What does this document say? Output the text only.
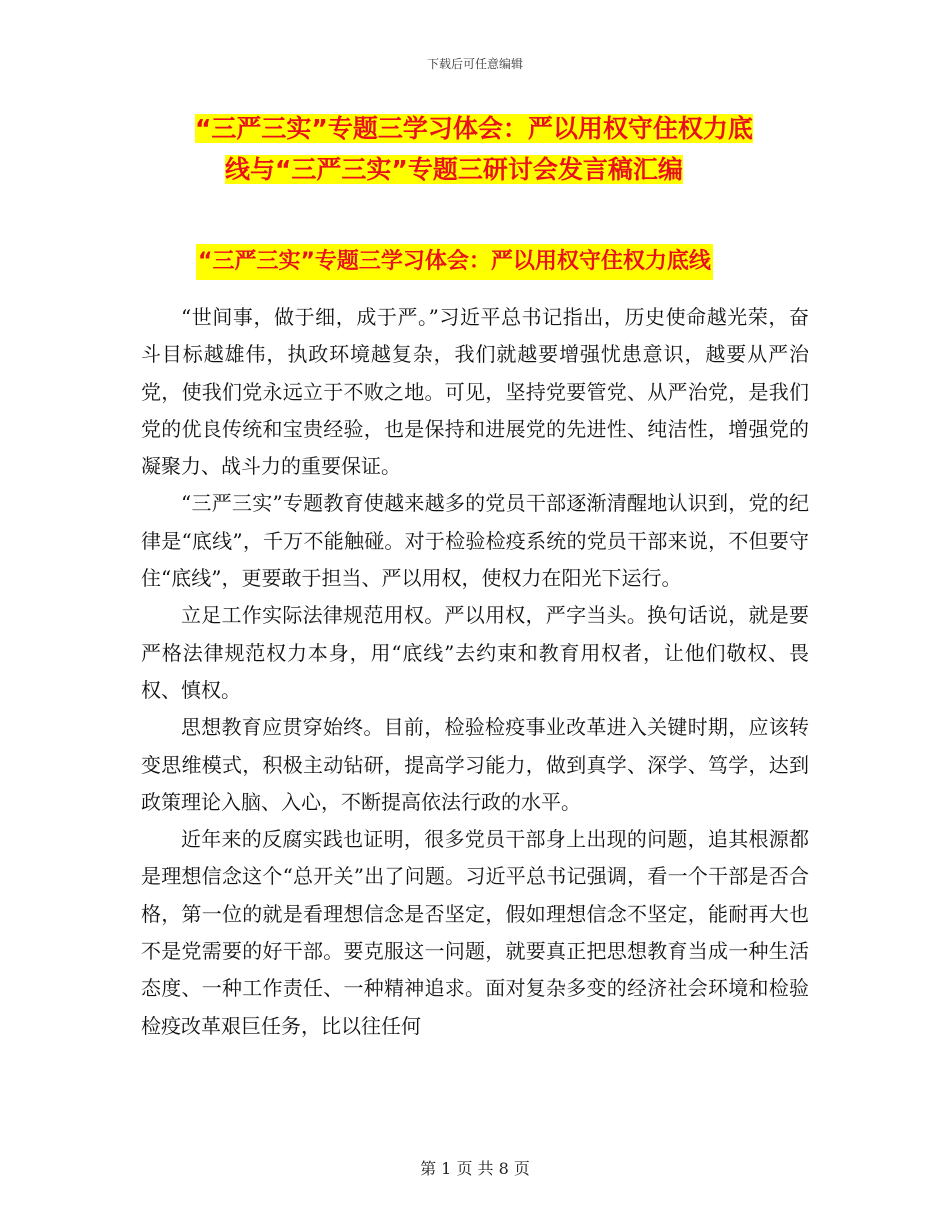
下载后可任意编辑
“三严三实”专题三学习体会：严以用权守住权力底
线与“三严三实”专题三研讨会发言稿汇编
“三严三实”专题三学习体会：严以用权守住权力底线

“世间事，做于细，成于严。”习近平总书记指出，历史使命越光荣，奋斗目标越雄伟，执政环境越复杂，我们就越要增强忧患意识，越要从严治党，使我们党永远立于不败之地。可见，坚持党要管党、从严治党，是我们党的优良传统和宝贵经验，也是保持和进展党的先进性、纯洁性，增强党的凝聚力、战斗力的重要保证。

“三严三实”专题教育使越来越多的党员干部逐渐清醒地认识到，党的纪律是“底线”，千万不能触碰。对于检验检疫系统的党员干部来说，不但要守住“底线”，更要敢于担当、严以用权，使权力在阳光下运行。

立足工作实际法律规范用权。严以用权，严字当头。换句话说，就是要严格法律规范权力本身，用“底线”去约束和教育用权者，让他们敬权、畏权、慎权。

思想教育应贯穿始终。目前，检验检疫事业改革进入关键时期，应该转变思维模式，积极主动钻研，提高学习能力，做到真学、深学、笃学，达到政策理论入脑、入心，不断提高依法行政的水平。

近年来的反腐实践也证明，很多党员干部身上出现的问题，追其根源都是理想信念这个“总开关”出了问题。习近平总书记强调，看一个干部是否合格，第一位的就是看理想信念是否坚定，假如理想信念不坚定，能耐再大也不是党需要的好干部。要克服这一问题，就要真正把思想教育当成一种生活态度、一种工作责任、一种精神追求。面对复杂多变的经济社会环境和检验检疫改革艰巨任务，比以往任何

第 1 页 共 8 页
